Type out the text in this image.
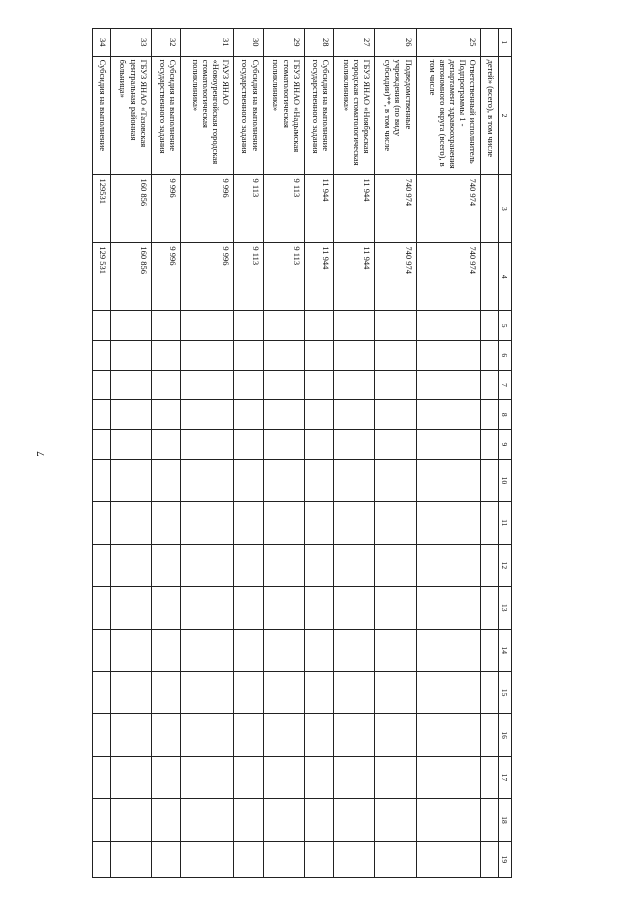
7
1	2	3	4	5	6	7	8	9	10	11	12	13	14	15	16	17	18	19
	детей» (всего), в том числе																	
25	Ответственный исполнитель Подпрограммы 1 - департамент здравоохранения автономного округа (всего), в том числе	740 974	740 974															
26	Подведомственные учреждения (по виду субсидии)**, в том числе	740 974	740 974															
27	ГБУЗ ЯНАО «Ноябрьская городская стоматологическая поликлиника»	11 944	11 944															
28	Субсидия на выполнение государственного задания	11 944	11 944															
29	ГБУЗ ЯНАО «Надымская стоматологическая поликлиника»	9 113	9 113															
30	Субсидия на выполнение государственного задания	9 113	9 113															
31	ГАУЗ ЯНАО «Новоуренгойская городская стоматологическая поликлиника»	9 996	9 996															
32	Субсидия на выполнение государственного задания	9 996	9 996															
33	ГБУЗ ЯНАО «Тазовская центральная районная больница»	160 856	160 856															
34	Субсидия на выполнение	129531	129 531															
